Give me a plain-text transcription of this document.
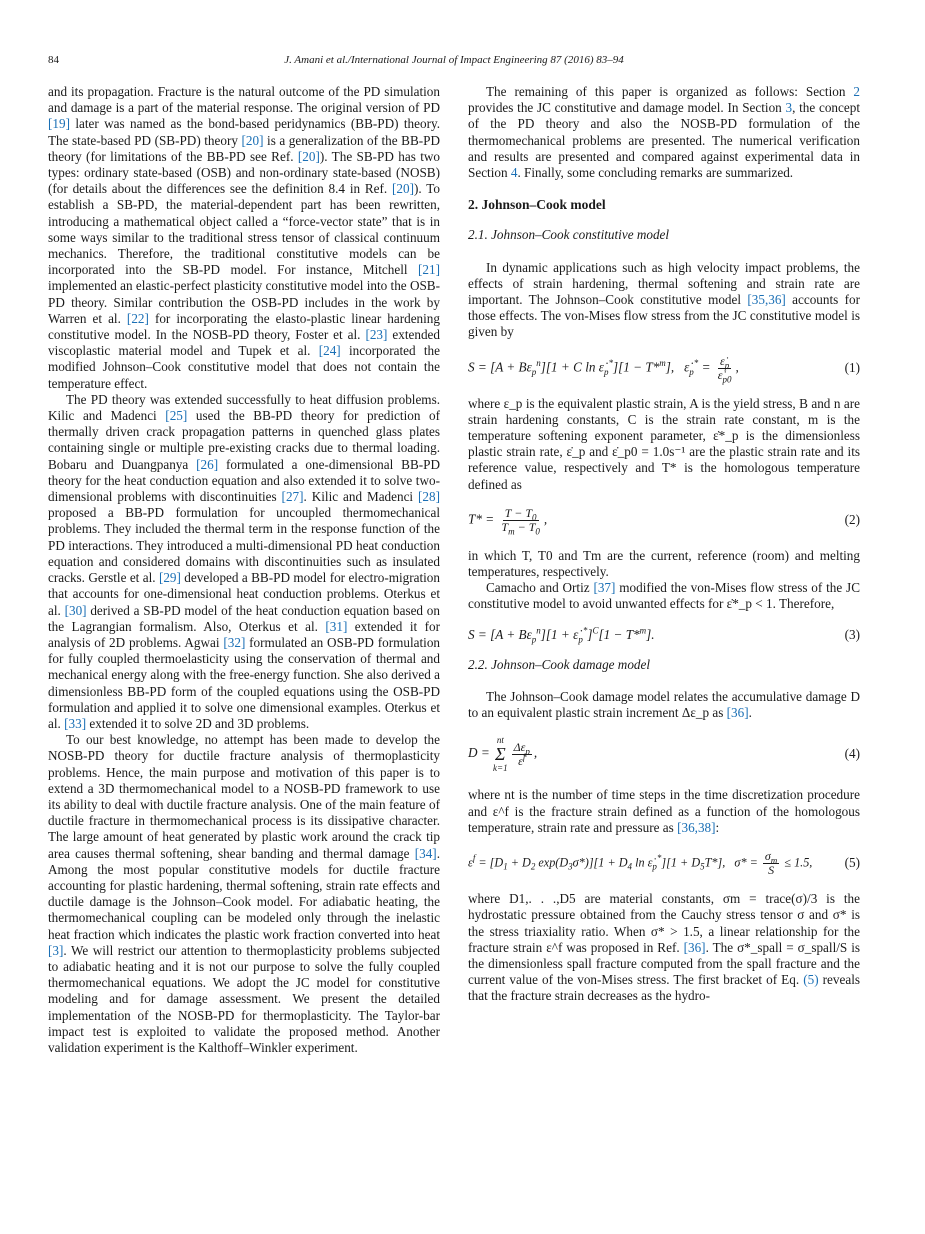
84	J. Amani et al./International Journal of Impact Engineering 87 (2016) 83–94

and its propagation. Fracture is the natural outcome of the PD simulation and damage is a part of the material response. The original version of PD [19] later was named as the bond-based peridynamics (BB-PD) theory. The state-based PD (SB-PD) theory [20] is a generalization of the BB-PD theory (for limitations of the BB-PD see Ref. [20]). The SB-PD has two types: ordinary state-based (OSB) and non-ordinary state-based (NOSB) (for details about the differences see the definition 8.4 in Ref. [20]). To establish a SB-PD, the material-dependent part has been rewritten, introducing a mathematical object called a “force-vector state” that is in some ways similar to the traditional stress tensor of classical continuum mechanics. Therefore, the traditional constitutive models can be incorporated into the SB-PD model. For instance, Mitchell [21] implemented an elastic-perfect plasticity constitutive model into the OSB-PD theory. Similar contribution the OSB-PD includes in the work by Warren et al. [22] for incorporating the elasto-plastic linear hardening constitutive model. In the NOSB-PD theory, Foster et al. [23] extended viscoplastic material model and Tupek et al. [24] incorporated the modified Johnson–Cook constitutive model that does not contain the temperature effect.

The PD theory was extended successfully to heat diffusion problems. Kilic and Madenci [25] used the BB-PD theory for prediction of thermally driven crack propagation patterns in quenched glass plates containing single or multiple pre-existing cracks due to thermal loading. Bobaru and Duangpanya [26] formulated a one-dimensional BB-PD theory for the heat conduction equation and also extended it to solve two-dimensional problems with discontinuities [27]. Kilic and Madenci [28] proposed a BB-PD formulation for uncoupled thermomechanical problems. They included the thermal term in the response function of the PD interactions. They introduced a multi-dimensional PD heat conduction equation and considered domains with discontinuities such as insulated cracks. Gerstle et al. [29] developed a BB-PD model for electro-migration that accounts for one-dimensional heat conduction problems. Oterkus et al. [30] derived a SB-PD model of the heat conduction equation based on the Lagrangian formalism. Also, Oterkus et al. [31] extended it for analysis of 2D problems. Agwai [32] formulated an OSB-PD formulation for fully coupled thermoelasticity using the conservation of thermal and mechanical energy along with the free-energy function. She also derived a dimensionless BB-PD form of the coupled equations using the OSB-PD formulation and applied it to solve one dimensional examples. Oterkus et al. [33] extended it to solve 2D and 3D problems.

To our best knowledge, no attempt has been made to develop the NOSB-PD theory for ductile fracture analysis of thermoplasticity problems. Hence, the main purpose and motivation of this paper is to extend a 3D thermomechanical model to a NOSB-PD framework to use its ability to deal with ductile fracture analysis. One of the main feature of ductile fracture in thermomechanical process is its dissipative character. The large amount of heat generated by plastic work around the crack tip area causes thermal softening, shear banding and thermal damage [34]. Among the most popular constitutive models for ductile fracture accounting for plastic hardening, thermal softening, strain rate effects and ductile damage is the Johnson–Cook model. For adiabatic heating, the thermomechanical coupling can be modeled only through the inelastic heat fraction which indicates the plastic work fraction converted into heat [3]. We will restrict our attention to thermoplasticity problems subjected to adiabatic heating and it is not our purpose to solve the fully coupled thermomechanical equations. We adopt the JC model for constitutive modeling and for damage assessment. We present the detailed implementation of the NOSB-PD for thermoplasticity. The Taylor-bar impact test is exploited to validate the proposed method. Another validation experiment is the Kalthoff–Winkler experiment.

The remaining of this paper is organized as follows: Section 2 provides the JC constitutive and damage model. In Section 3, the concept of the PD theory and also the NOSB-PD formulation of the thermomechanical problems are presented. The numerical verification and results are presented and compared against experimental data in Section 4. Finally, some concluding remarks are summarized.

2. Johnson–Cook model
2.1. Johnson–Cook constitutive model

In dynamic applications such as high velocity impact problems, the effects of strain hardening, thermal softening and strain rate are important. The Johnson–Cook constitutive model [35,36] accounts for those effects. The von-Mises flow stress from the JC constitutive model is given by

$S = [A + B\varepsilon_p^n][1 + C$ $\ln \varepsiloṅ_p^*][1 - T*^m]$,   $\varepsiloṅ_p^* = \frac{\varepsiloṅ_p}{\varepsiloṅ_{p0}}$ ,	(1)

where ε_p is the equivalent plastic strain, A is the yield stress, B and n are strain hardening constants, C is the strain rate constant, m is the temperature softening exponent parameter, ε̇*_p is the dimensionless plastic strain rate, ε̇_p and ε̇_p0 = 1.0s⁻¹ are the plastic strain rate and its reference value, respectively and T* is the homologous temperature defined as

$T* = \frac{T - T_0}{T_m - T_0}$ ,	(2)

in which T, T0 and Tm are the current, reference (room) and melting temperatures, respectively.

Camacho and Ortiz [37] modified the von-Mises flow stress of the JC constitutive model to avoid unwanted effects for ε̇*_p < 1. Therefore,

$S = [A + B\varepsilon_p^n][1$ + $\varepsiloṅ_p^*]^C[1 - T*^m]$.	(3)
2.2. Johnson–Cook damage model

The Johnson–Cook damage model relates the accumulative damage D to an equivalent plastic strain increment Δε_p as [36].

D =
nt
Σ
k=1
$\frac{\Delta\varepsilon_p}{\varepsilon^f}$ ,	(4)

where nt is the number of time steps in the time discretization procedure and ε^f is the fracture strain defined as a function of the homologous temperature, strain rate and pressure as [36,38]:

$\varepsilon^f = [D_1 + D_2$ $\exp(D_3\sigma*)][1 + D_4$ $\ln \varepsiloṅ_p^*][1 + D_5T*]$,   $\sigma* = \frac{\sigma_m}{S} \le 1.5$, (5)

where D1,. . .,D5 are material constants, σm = trace(σ)/3 is the hydrostatic pressure obtained from the Cauchy stress tensor σ and σ* is the stress triaxiality ratio. When σ* > 1.5, a linear relationship for the fracture strain ε^f was proposed in Ref. [36]. The σ*_spall = σ_spall/S is the dimensionless spall fracture computed from the spall fracture and the current value of the von-Mises stress. The first bracket of Eq. (5) reveals that the fracture strain decreases as the hydro-
